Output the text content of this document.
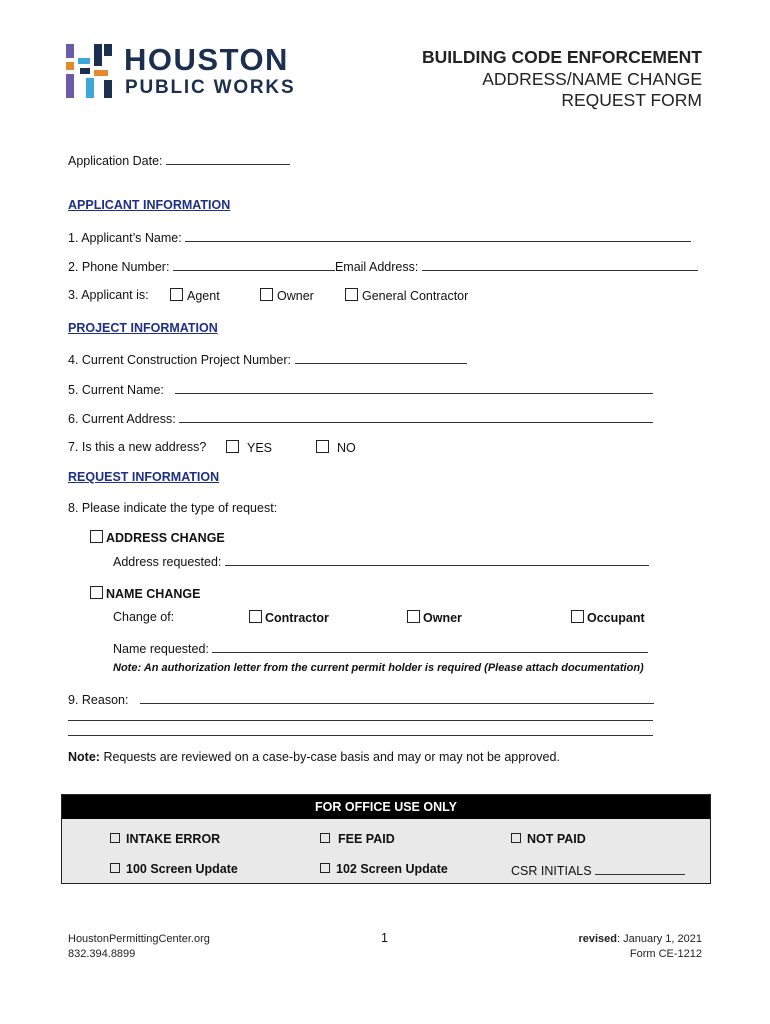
HOUSTON
PUBLIC WORKS
BUILDING CODE ENFORCEMENT
ADDRESS/NAME CHANGE
REQUEST FORM
Application Date:
APPLICANT INFORMATION
1. Applicant’s Name:
2. Phone Number:	Email Address:
3. Applicant is:	Agent	Owner	General Contractor
PROJECT INFORMATION
4. Current Construction Project Number:
5. Current Name:
6. Current Address:
7. Is this a new address?	YES	NO
REQUEST INFORMATION
8. Please indicate the type of request:
ADDRESS CHANGE
Address requested:
NAME CHANGE
Change of:	Contractor	Owner	Occupant
Name requested:
Note: An authorization letter from the current permit holder is required (Please attach documentation)
9. Reason:
Note: Requests are reviewed on a case-by-case basis and may or may not be approved.
FOR OFFICE USE ONLY
INTAKE ERROR	FEE PAID	NOT PAID
100 Screen Update	102 Screen Update	CSR INITIALS
HoustonPermittingCenter.org
832.394.8899
1	revised: January 1, 2021
Form CE-1212
